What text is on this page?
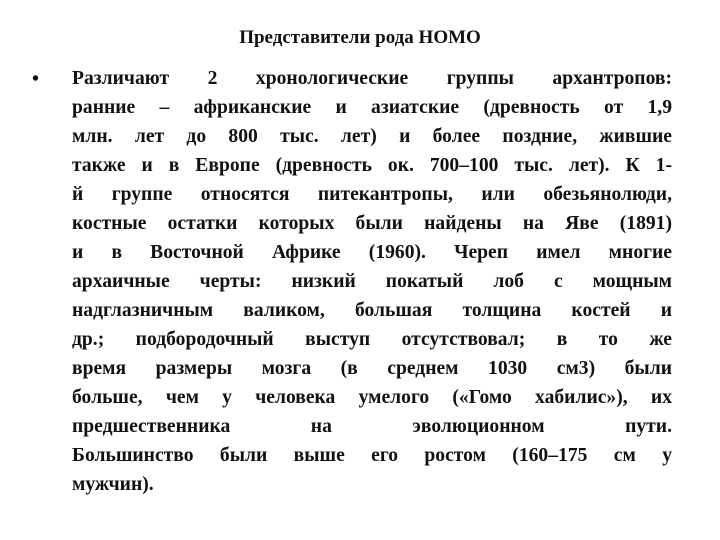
Представители рода HOMO
• Различают 2 хронологические группы архантропов:
ранние – африканские и азиатские (древность от 1,9
млн. лет до 800 тыс. лет) и более поздние, жившие
также и в Европе (древность ок. 700–100 тыс. лет). К 1-
й группе относятся питекантропы, или обезьянолюди,
костные остатки которых были найдены на Яве (1891)
и в Восточной Африке (1960). Череп имел многие
архаичные черты: низкий покатый лоб с мощным
надглазничным валиком, большая толщина костей и
др.; подбородочный выступ отсутствовал; в то же
время размеры мозга (в среднем 1030 см3) были
больше, чем у человека умелого («Гомо хабилис»), их
предшественника на эволюционном пути.
Большинство были выше его ростом (160–175 см у
мужчин).
